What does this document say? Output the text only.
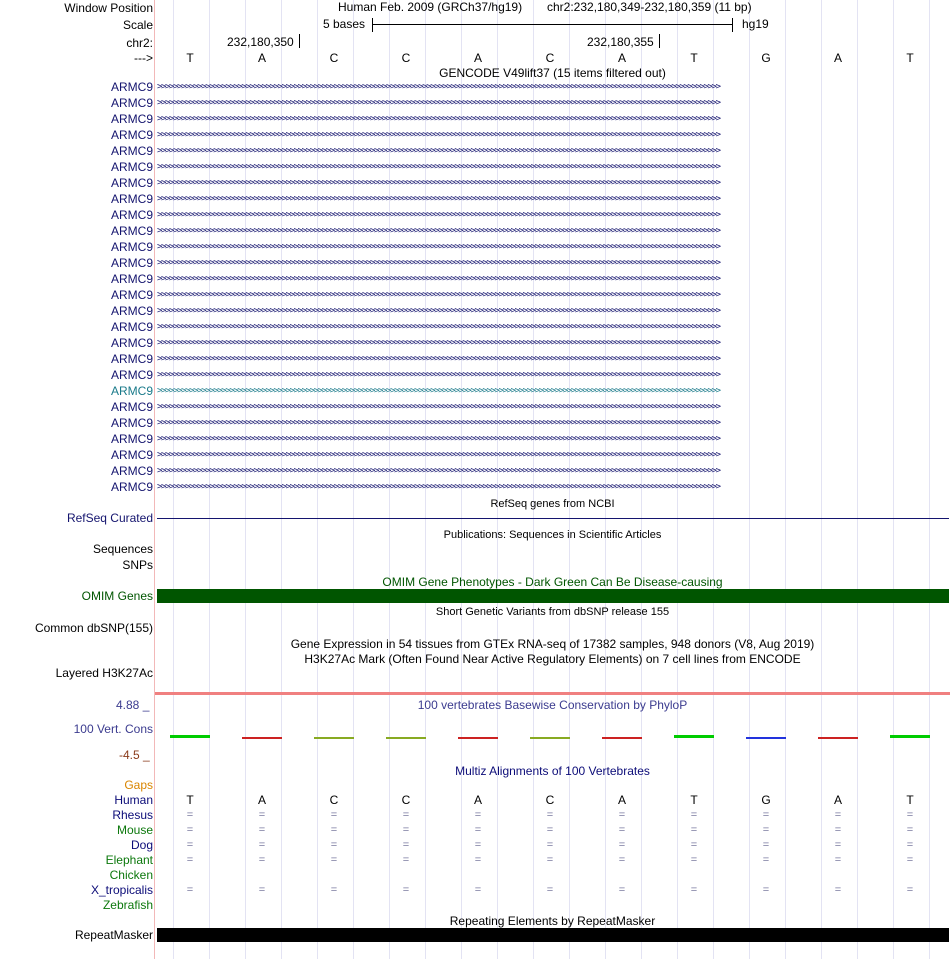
Window Position
Scale
chr2:
--->
Human Feb. 2009 (GRCh37/hg19) chr2:232,180,349-232,180,359 (11 bp)
5 bases	hg19
232,180,350	232,180,355
T	A	C	C	A	C	A	T	G	A	T
GENCODE V49lift37 (15 items filtered out)
ARMC9 >>>>>>>>>>>>>>>>>>>>>>>>>>>>>>>>>>>>>>>>>>>>>>>>>>>>>>>>>>>>>>>>>>>>>>>>>>>>>>>>>>>>>>>>>>>>>>>>>>>>>>>>>>>>>>>>>>>>>>>>>>>>>>>>>>>>>>>>>>>>
ARMC9 >>>>>>>>>>>>>>>>>>>>>>>>>>>>>>>>>>>>>>>>>>>>>>>>>>>>>>>>>>>>>>>>>>>>>>>>>>>>>>>>>>>>>>>>>>>>>>>>>>>>>>>>>>>>>>>>>>>>>>>>>>>>>>>>>>>>>>>>>>>>
ARMC9 >>>>>>>>>>>>>>>>>>>>>>>>>>>>>>>>>>>>>>>>>>>>>>>>>>>>>>>>>>>>>>>>>>>>>>>>>>>>>>>>>>>>>>>>>>>>>>>>>>>>>>>>>>>>>>>>>>>>>>>>>>>>>>>>>>>>>>>>>>>>
ARMC9 >>>>>>>>>>>>>>>>>>>>>>>>>>>>>>>>>>>>>>>>>>>>>>>>>>>>>>>>>>>>>>>>>>>>>>>>>>>>>>>>>>>>>>>>>>>>>>>>>>>>>>>>>>>>>>>>>>>>>>>>>>>>>>>>>>>>>>>>>>>>
ARMC9 >>>>>>>>>>>>>>>>>>>>>>>>>>>>>>>>>>>>>>>>>>>>>>>>>>>>>>>>>>>>>>>>>>>>>>>>>>>>>>>>>>>>>>>>>>>>>>>>>>>>>>>>>>>>>>>>>>>>>>>>>>>>>>>>>>>>>>>>>>>>
ARMC9 >>>>>>>>>>>>>>>>>>>>>>>>>>>>>>>>>>>>>>>>>>>>>>>>>>>>>>>>>>>>>>>>>>>>>>>>>>>>>>>>>>>>>>>>>>>>>>>>>>>>>>>>>>>>>>>>>>>>>>>>>>>>>>>>>>>>>>>>>>>>
ARMC9 >>>>>>>>>>>>>>>>>>>>>>>>>>>>>>>>>>>>>>>>>>>>>>>>>>>>>>>>>>>>>>>>>>>>>>>>>>>>>>>>>>>>>>>>>>>>>>>>>>>>>>>>>>>>>>>>>>>>>>>>>>>>>>>>>>>>>>>>>>>>
ARMC9 >>>>>>>>>>>>>>>>>>>>>>>>>>>>>>>>>>>>>>>>>>>>>>>>>>>>>>>>>>>>>>>>>>>>>>>>>>>>>>>>>>>>>>>>>>>>>>>>>>>>>>>>>>>>>>>>>>>>>>>>>>>>>>>>>>>>>>>>>>>>
ARMC9 >>>>>>>>>>>>>>>>>>>>>>>>>>>>>>>>>>>>>>>>>>>>>>>>>>>>>>>>>>>>>>>>>>>>>>>>>>>>>>>>>>>>>>>>>>>>>>>>>>>>>>>>>>>>>>>>>>>>>>>>>>>>>>>>>>>>>>>>>>>>
ARMC9 >>>>>>>>>>>>>>>>>>>>>>>>>>>>>>>>>>>>>>>>>>>>>>>>>>>>>>>>>>>>>>>>>>>>>>>>>>>>>>>>>>>>>>>>>>>>>>>>>>>>>>>>>>>>>>>>>>>>>>>>>>>>>>>>>>>>>>>>>>>>
ARMC9 >>>>>>>>>>>>>>>>>>>>>>>>>>>>>>>>>>>>>>>>>>>>>>>>>>>>>>>>>>>>>>>>>>>>>>>>>>>>>>>>>>>>>>>>>>>>>>>>>>>>>>>>>>>>>>>>>>>>>>>>>>>>>>>>>>>>>>>>>>>>
ARMC9 >>>>>>>>>>>>>>>>>>>>>>>>>>>>>>>>>>>>>>>>>>>>>>>>>>>>>>>>>>>>>>>>>>>>>>>>>>>>>>>>>>>>>>>>>>>>>>>>>>>>>>>>>>>>>>>>>>>>>>>>>>>>>>>>>>>>>>>>>>>>
ARMC9 >>>>>>>>>>>>>>>>>>>>>>>>>>>>>>>>>>>>>>>>>>>>>>>>>>>>>>>>>>>>>>>>>>>>>>>>>>>>>>>>>>>>>>>>>>>>>>>>>>>>>>>>>>>>>>>>>>>>>>>>>>>>>>>>>>>>>>>>>>>>
ARMC9 >>>>>>>>>>>>>>>>>>>>>>>>>>>>>>>>>>>>>>>>>>>>>>>>>>>>>>>>>>>>>>>>>>>>>>>>>>>>>>>>>>>>>>>>>>>>>>>>>>>>>>>>>>>>>>>>>>>>>>>>>>>>>>>>>>>>>>>>>>>>
ARMC9 >>>>>>>>>>>>>>>>>>>>>>>>>>>>>>>>>>>>>>>>>>>>>>>>>>>>>>>>>>>>>>>>>>>>>>>>>>>>>>>>>>>>>>>>>>>>>>>>>>>>>>>>>>>>>>>>>>>>>>>>>>>>>>>>>>>>>>>>>>>>
ARMC9 >>>>>>>>>>>>>>>>>>>>>>>>>>>>>>>>>>>>>>>>>>>>>>>>>>>>>>>>>>>>>>>>>>>>>>>>>>>>>>>>>>>>>>>>>>>>>>>>>>>>>>>>>>>>>>>>>>>>>>>>>>>>>>>>>>>>>>>>>>>>
ARMC9 >>>>>>>>>>>>>>>>>>>>>>>>>>>>>>>>>>>>>>>>>>>>>>>>>>>>>>>>>>>>>>>>>>>>>>>>>>>>>>>>>>>>>>>>>>>>>>>>>>>>>>>>>>>>>>>>>>>>>>>>>>>>>>>>>>>>>>>>>>>>
ARMC9 >>>>>>>>>>>>>>>>>>>>>>>>>>>>>>>>>>>>>>>>>>>>>>>>>>>>>>>>>>>>>>>>>>>>>>>>>>>>>>>>>>>>>>>>>>>>>>>>>>>>>>>>>>>>>>>>>>>>>>>>>>>>>>>>>>>>>>>>>>>>
ARMC9 >>>>>>>>>>>>>>>>>>>>>>>>>>>>>>>>>>>>>>>>>>>>>>>>>>>>>>>>>>>>>>>>>>>>>>>>>>>>>>>>>>>>>>>>>>>>>>>>>>>>>>>>>>>>>>>>>>>>>>>>>>>>>>>>>>>>>>>>>>>>
ARMC9 >>>>>>>>>>>>>>>>>>>>>>>>>>>>>>>>>>>>>>>>>>>>>>>>>>>>>>>>>>>>>>>>>>>>>>>>>>>>>>>>>>>>>>>>>>>>>>>>>>>>>>>>>>>>>>>>>>>>>>>>>>>>>>>>>>>>>>>>>>>>
ARMC9 >>>>>>>>>>>>>>>>>>>>>>>>>>>>>>>>>>>>>>>>>>>>>>>>>>>>>>>>>>>>>>>>>>>>>>>>>>>>>>>>>>>>>>>>>>>>>>>>>>>>>>>>>>>>>>>>>>>>>>>>>>>>>>>>>>>>>>>>>>>>
ARMC9 >>>>>>>>>>>>>>>>>>>>>>>>>>>>>>>>>>>>>>>>>>>>>>>>>>>>>>>>>>>>>>>>>>>>>>>>>>>>>>>>>>>>>>>>>>>>>>>>>>>>>>>>>>>>>>>>>>>>>>>>>>>>>>>>>>>>>>>>>>>>
ARMC9 >>>>>>>>>>>>>>>>>>>>>>>>>>>>>>>>>>>>>>>>>>>>>>>>>>>>>>>>>>>>>>>>>>>>>>>>>>>>>>>>>>>>>>>>>>>>>>>>>>>>>>>>>>>>>>>>>>>>>>>>>>>>>>>>>>>>>>>>>>>>
ARMC9 >>>>>>>>>>>>>>>>>>>>>>>>>>>>>>>>>>>>>>>>>>>>>>>>>>>>>>>>>>>>>>>>>>>>>>>>>>>>>>>>>>>>>>>>>>>>>>>>>>>>>>>>>>>>>>>>>>>>>>>>>>>>>>>>>>>>>>>>>>>>
ARMC9 >>>>>>>>>>>>>>>>>>>>>>>>>>>>>>>>>>>>>>>>>>>>>>>>>>>>>>>>>>>>>>>>>>>>>>>>>>>>>>>>>>>>>>>>>>>>>>>>>>>>>>>>>>>>>>>>>>>>>>>>>>>>>>>>>>>>>>>>>>>>
ARMC9 >>>>>>>>>>>>>>>>>>>>>>>>>>>>>>>>>>>>>>>>>>>>>>>>>>>>>>>>>>>>>>>>>>>>>>>>>>>>>>>>>>>>>>>>>>>>>>>>>>>>>>>>>>>>>>>>>>>>>>>>>>>>>>>>>>>>>>>>>>>>
RefSeq genes from NCBI
RefSeq Curated
Publications: Sequences in Scientific Articles
Sequences
SNPs
OMIM Gene Phenotypes - Dark Green Can Be Disease-causing
OMIM Genes
Short Genetic Variants from dbSNP release 155
Common dbSNP(155)
Gene Expression in 54 tissues from GTEx RNA-seq of 17382 samples, 948 donors (V8, Aug 2019)
H3K27Ac Mark (Often Found Near Active Regulatory Elements) on 7 cell lines from ENCODE
Layered H3K27Ac
100 vertebrates Basewise Conservation by PhyloP
4.88 _
100 Vert. Cons
-4.5 _
Multiz Alignments of 100 Vertebrates
Gaps
Human	T	A	C	C	A	C	A	T	G	A	T
Rhesus	=	=	=	=	=	=	=	=	=	=	=
Mouse	=	=	=	=	=	=	=	=	=	=	=
Dog	=	=	=	=	=	=	=	=	=	=	=
Elephant	=	=	=	=	=	=	=	=	=	=	=
Chicken
X_tropicalis	=	=	=	=	=	=	=	=	=	=	=
Zebrafish
Repeating Elements by RepeatMasker
RepeatMasker
